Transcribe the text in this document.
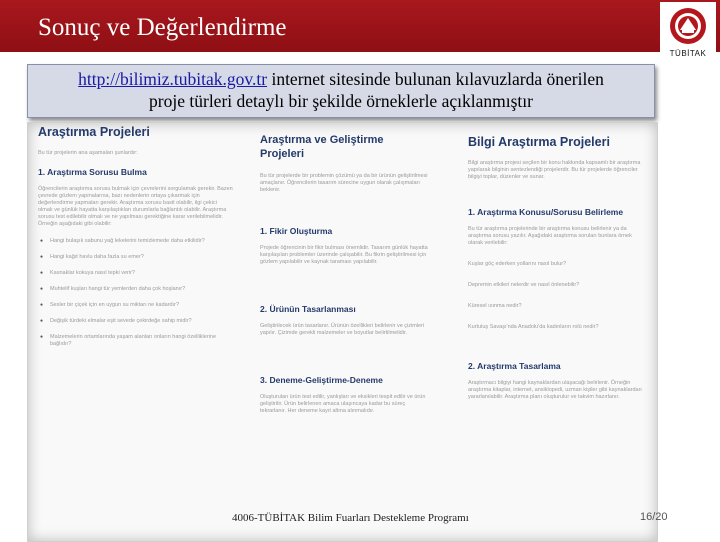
Sonuç ve Değerlendirme
TÜBİTAK
http://bilimiz.tubitak.gov.tr internet sitesinde bulunan kılavuzlarda önerilen
proje türleri detaylı bir şekilde örneklerle açıklanmıştır

Araştırma Projeleri

Bu tür projelerin ana aşamaları şunlardır:

1. Araştırma Sorusu Bulma

Öğrencilerin araştırma sorusu bulmak için çevrelerini sorgulamak gerekir. Bazen çevrede gözlem yapmalarına, bazı nedenlerin ortaya çıkarmak için değerlendirme yapmaları gerekir. Araştırma sorusu basit olabilir, ilgi çekici olmalı ve günlük hayatta karşılaştıkları durumlarla bağlantılı olabilir. Araştırma sorusu test edilebilir olmalı ve ne yapılması gerektiğine karar verilebilmelidir. Örneğin aşağıdaki gibi olabilir:

● Hangi bulaşık sabunu yağ lekelerini temizlemede daha etkilidir?

● Hangi kağıt havlu daha fazla su emer?

● Kasnaklar kokuya nasıl tepki verir?

● Muhtelif kuşları hangi tür yemlerden daha çok hoşlanır?

● Sesler bir çiçek için en uygun su miktarı ne kadardır?

● Değişik türdeki elmalar eşit sevede çekirdeğe sahip midir?

● Malzemelerin ortamlarında yaşam alanları onların hangi özelliklerine bağlıdır?

Araştırma ve Geliştirme Projeleri

Bu tür projelerde bir problemin çözümü ya da bir ürünün geliştirilmesi amaçlanır. Öğrencilerin tasarım sürecine uygun olarak çalışmaları beklenir.

1. Fikir Oluşturma

Projede öğrencinin bir fikir bulması önemlidir. Tasarım günlük hayatta karşılaşılan problemler üzerinde çalışabilir. Bu fikrin geliştirilmesi için gözlem yapılabilir ve kaynak taraması yapılabilir.

2. Ürünün Tasarlanması

Geliştirilecek ürün tasarlanır. Ürünün özellikleri belirlenir ve çizimleri yapılır. Çizimde gerekli malzemeler ve boyutlar belirtilmelidir.

3. Deneme-Geliştirme-Deneme

Oluşturulan ürün test edilir, yanlışları ve eksikleri tespit edilir ve ürün geliştirilir. Ürün belirlenen amaca ulaşıncaya kadar bu süreç tekrarlanır. Her deneme kayıt altına alınmalıdır.

Bilgi Araştırma Projeleri

Bilgi araştırma projesi seçilen bir konu hakkında kapsamlı bir araştırma yapılarak bilginin sentezlendiği projelerdir. Bu tür projelerde öğrenciler bilgiyi toplar, düzenler ve sunar.

1. Araştırma Konusu/Sorusu Belirleme

Bu tür araştırma projelerinde bir araştırma konusu belirlenir ya da araştırma sorusu yazılır. Aşağıdaki araştırma soruları bunlara örnek olarak verilebilir:

Kuşlar göç ederken yollarını nasıl bulur?

Depremin etkileri nelerdir ve nasıl önlenebilir?

Küresel ısınma nedir?

Kurtuluş Savaşı'nda Anadolu'da kadınların rolü nedir?

2. Araştırma Tasarlama

Araştırmacı bilgiyi hangi kaynaklardan ulaşacağı belirlenir. Örneğin araştırma kitaplar, internet, ansiklopedi, uzman kişiler gibi kaynaklardan yararlanılabilir. Araştırma planı oluşturulur ve takvim hazırlanır.

4006-TÜBİTAK Bilim Fuarları Destekleme Programı	16/20
